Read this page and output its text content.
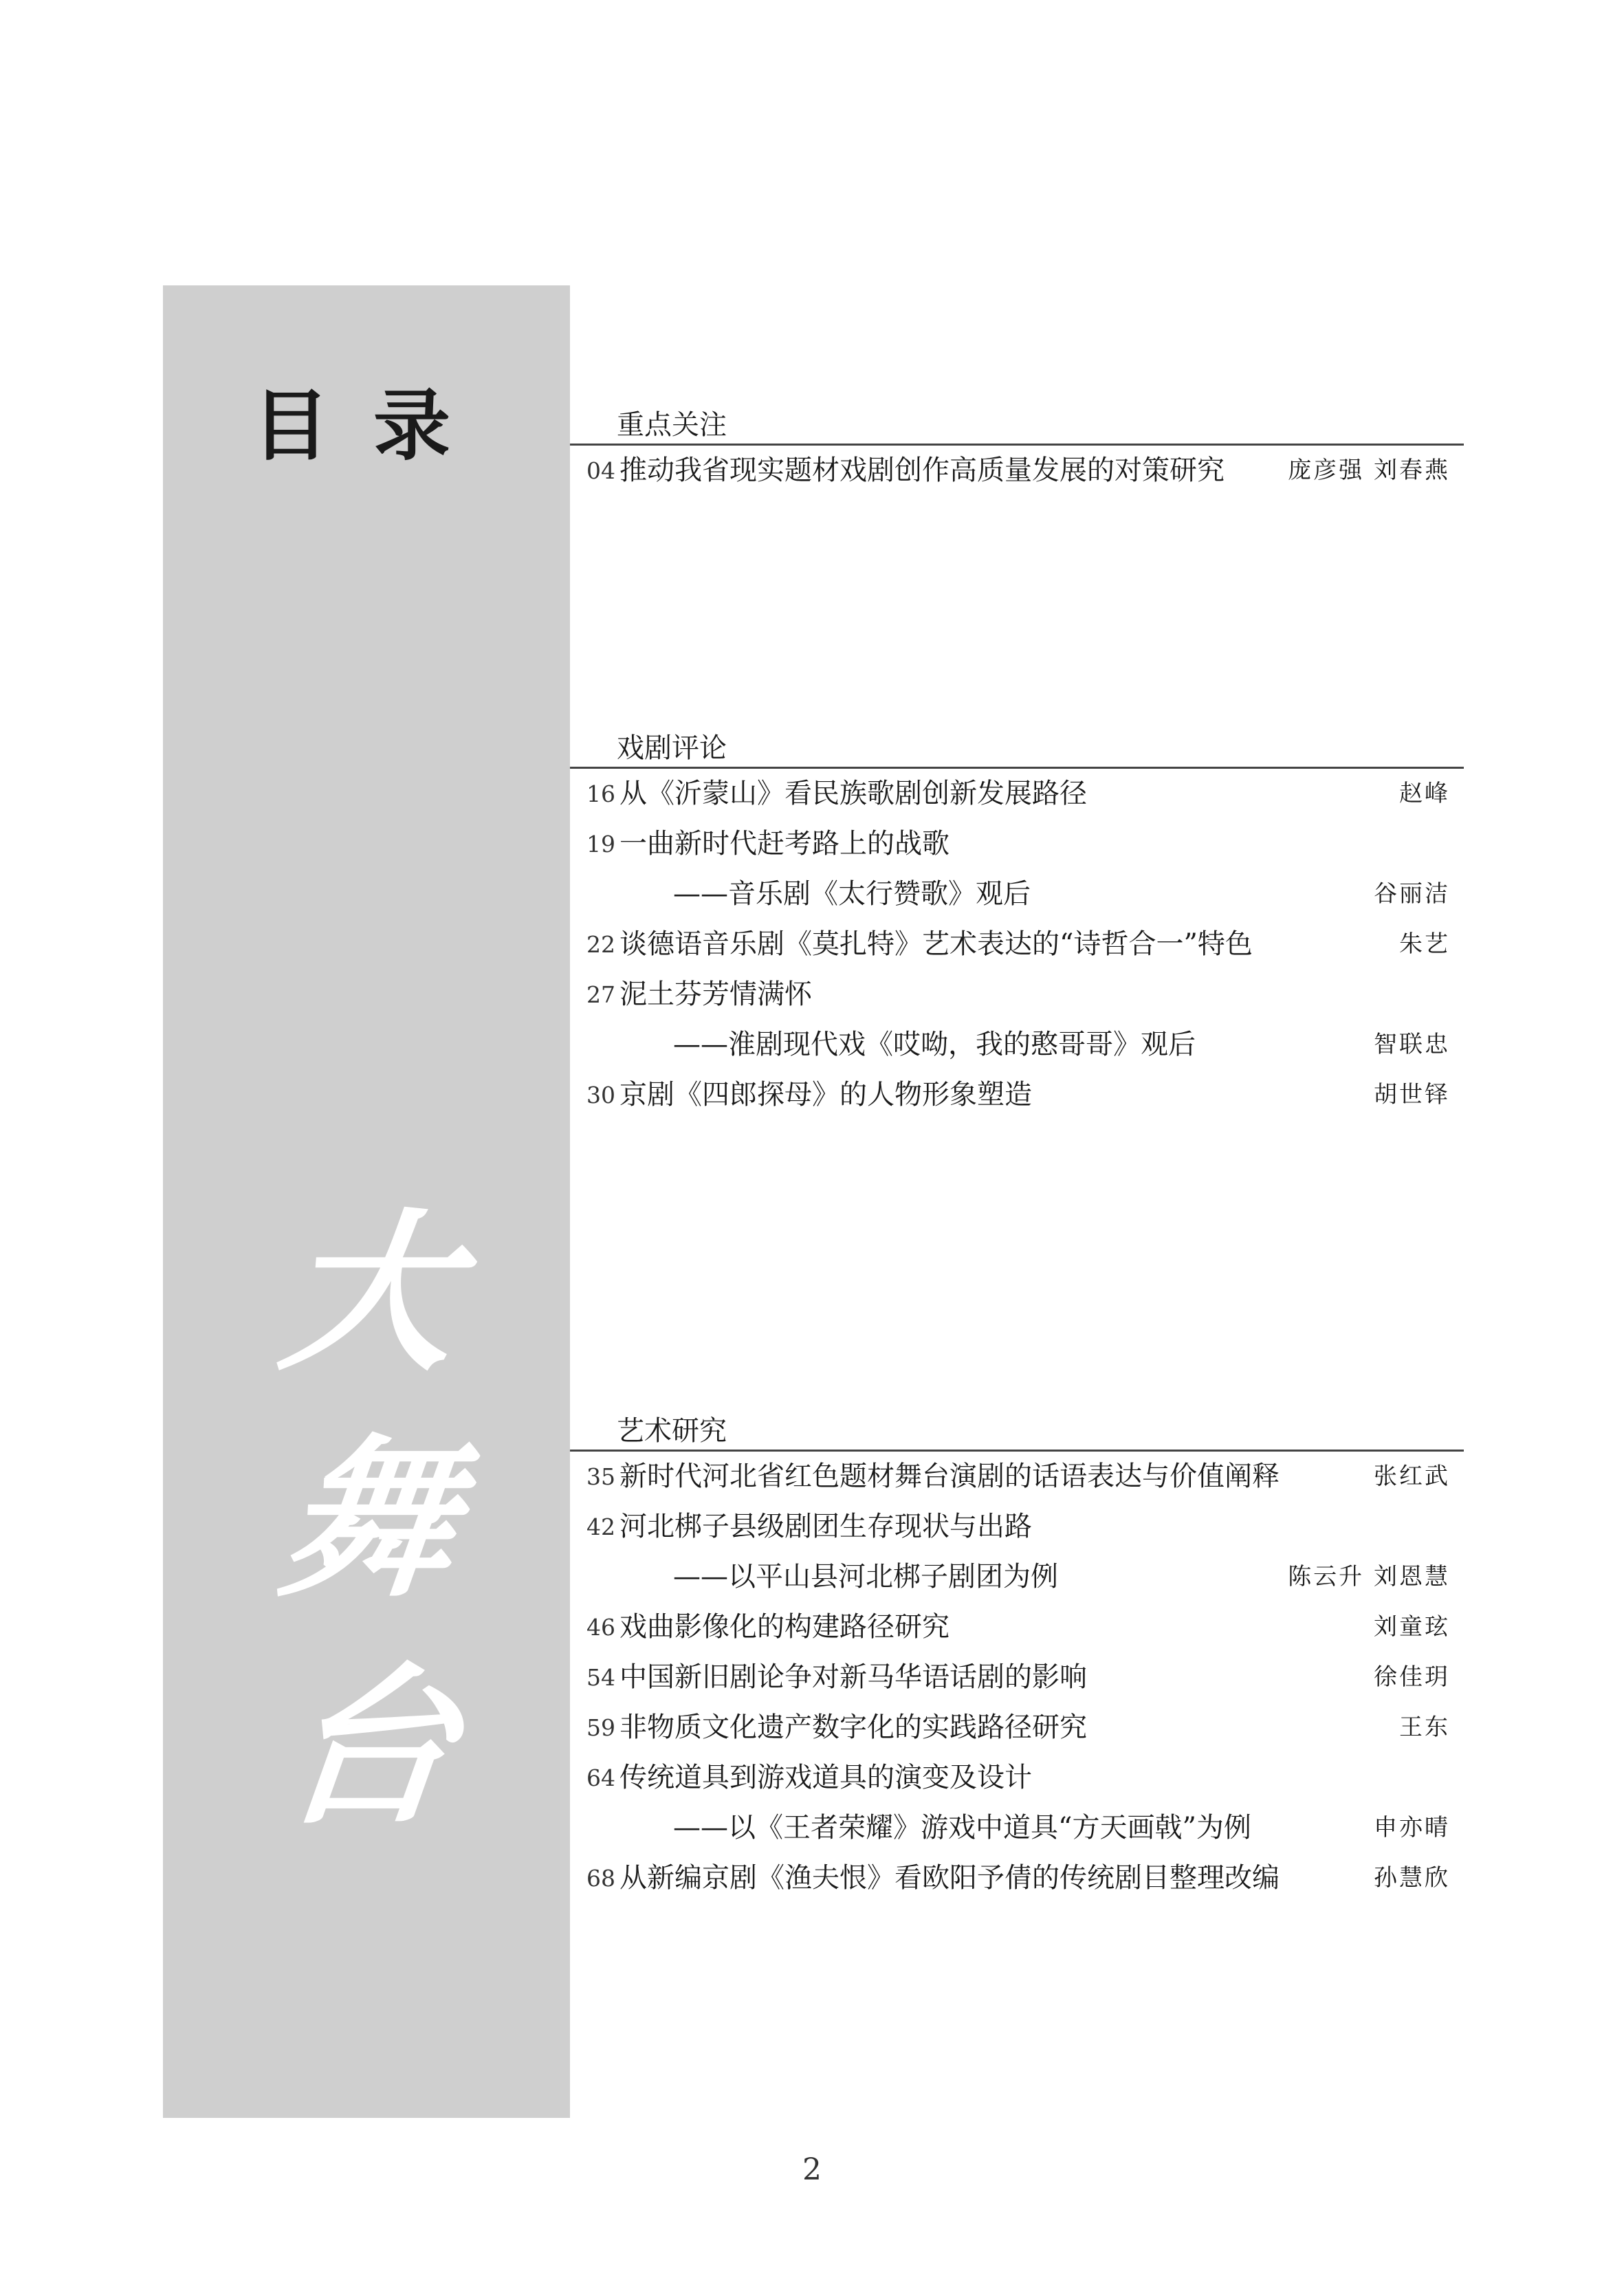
目录
大
舞
台
重点关注
04 推动我省现实题材戏剧创作高质量发展的对策研究	庞彦强 刘春燕
戏剧评论
16 从《沂蒙山》看民族歌剧创新发展路径	赵峰
19 一曲新时代赶考路上的战歌
——音乐剧《太行赞歌》观后	谷丽洁
22 谈德语音乐剧《莫扎特》艺术表达的“诗哲合一”特色	朱艺
27 泥土芬芳情满怀
——淮剧现代戏《哎呦，我的憨哥哥》观后	智联忠
30 京剧《四郎探母》的人物形象塑造	胡世铎
艺术研究
35 新时代河北省红色题材舞台演剧的话语表达与价值阐释	张红武
42 河北梆子县级剧团生存现状与出路
——以平山县河北梆子剧团为例	陈云升 刘恩慧
46 戏曲影像化的构建路径研究	刘童玹
54 中国新旧剧论争对新马华语话剧的影响	徐佳玥
59 非物质文化遗产数字化的实践路径研究	王东
64 传统道具到游戏道具的演变及设计
——以《王者荣耀》游戏中道具“方天画戟”为例	申亦晴
68 从新编京剧《渔夫恨》看欧阳予倩的传统剧目整理改编	孙慧欣
2
